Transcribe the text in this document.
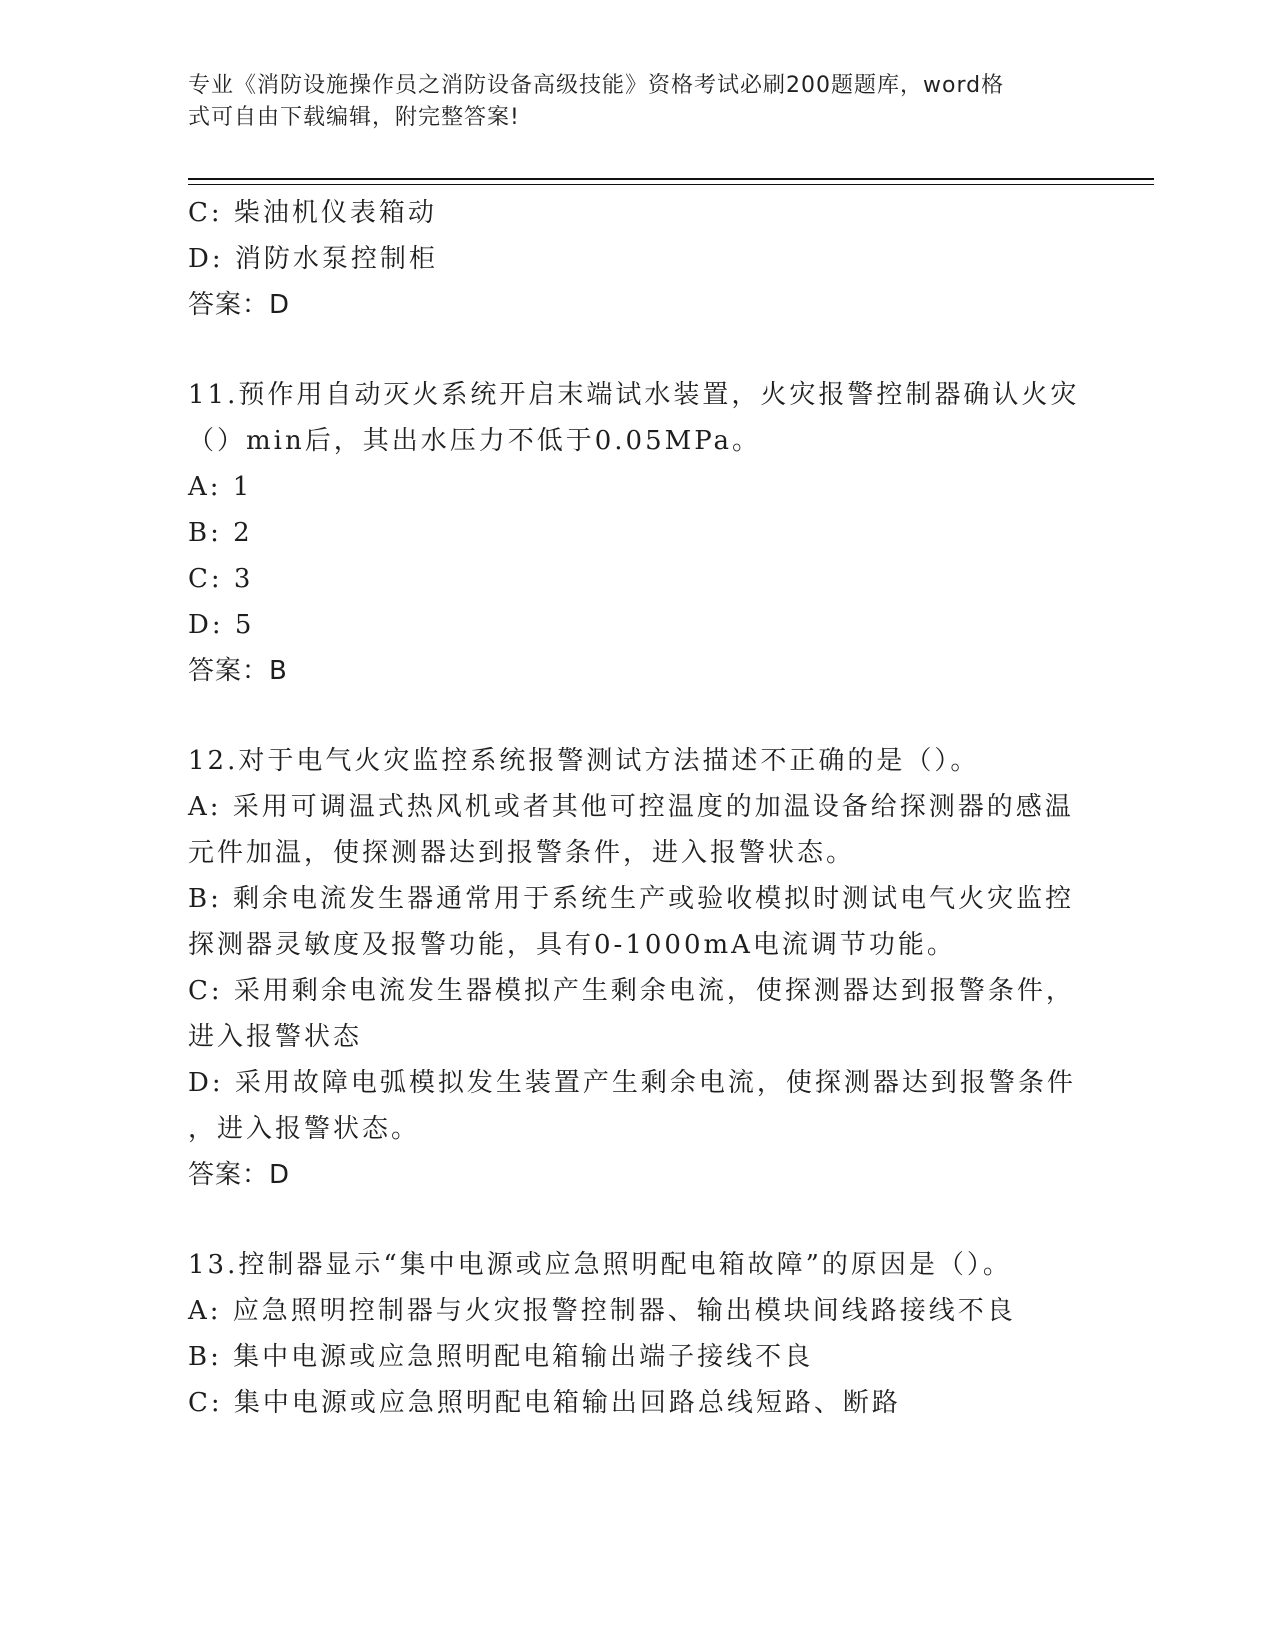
专业《消防设施操作员之消防设备高级技能》资格考试必刷200题题库，word格
式可自由下载编辑，附完整答案!
C: 柴油机仪表箱动
D: 消防水泵控制柜
答案：D
11.预作用自动灭火系统开启末端试水装置，火灾报警控制器确认火灾
（）min后，其出水压力不低于0.05MPa。
A: 1
B: 2
C: 3
D: 5
答案：B
12.对于电气火灾监控系统报警测试方法描述不正确的是（）。
A: 采用可调温式热风机或者其他可控温度的加温设备给探测器的感温
元件加温，使探测器达到报警条件，进入报警状态。
B: 剩余电流发生器通常用于系统生产或验收模拟时测试电气火灾监控
探测器灵敏度及报警功能，具有0-1000mA电流调节功能。
C: 采用剩余电流发生器模拟产生剩余电流，使探测器达到报警条件，
进入报警状态
D: 采用故障电弧模拟发生装置产生剩余电流，使探测器达到报警条件
，进入报警状态。
答案：D
13.控制器显示“集中电源或应急照明配电箱故障”的原因是（）。
A: 应急照明控制器与火灾报警控制器、输出模块间线路接线不良
B: 集中电源或应急照明配电箱输出端子接线不良
C: 集中电源或应急照明配电箱输出回路总线短路、断路
